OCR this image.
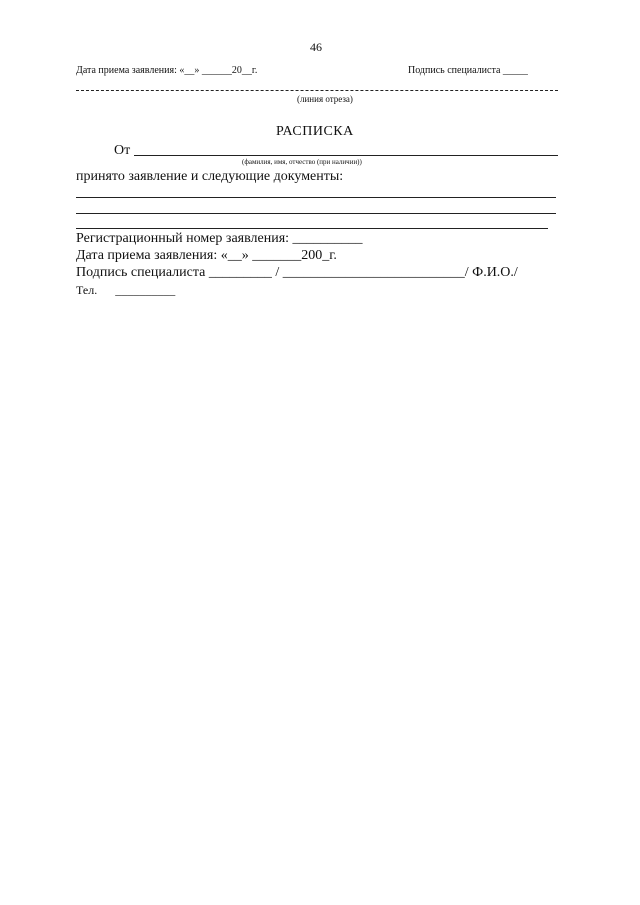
46
Дата приема заявления: «__» ______20__г.	Подпись специалиста _____
(линия отреза)
РАСПИСКА
От
(фамилия, имя, отчество (при наличии))
принято заявление и следующие документы:
Регистрационный номер заявления: __________
Дата приема заявления: «__» _______200_г.
Подпись специалиста _________ / __________________________/ Ф.И.О./
Тел.      __________
